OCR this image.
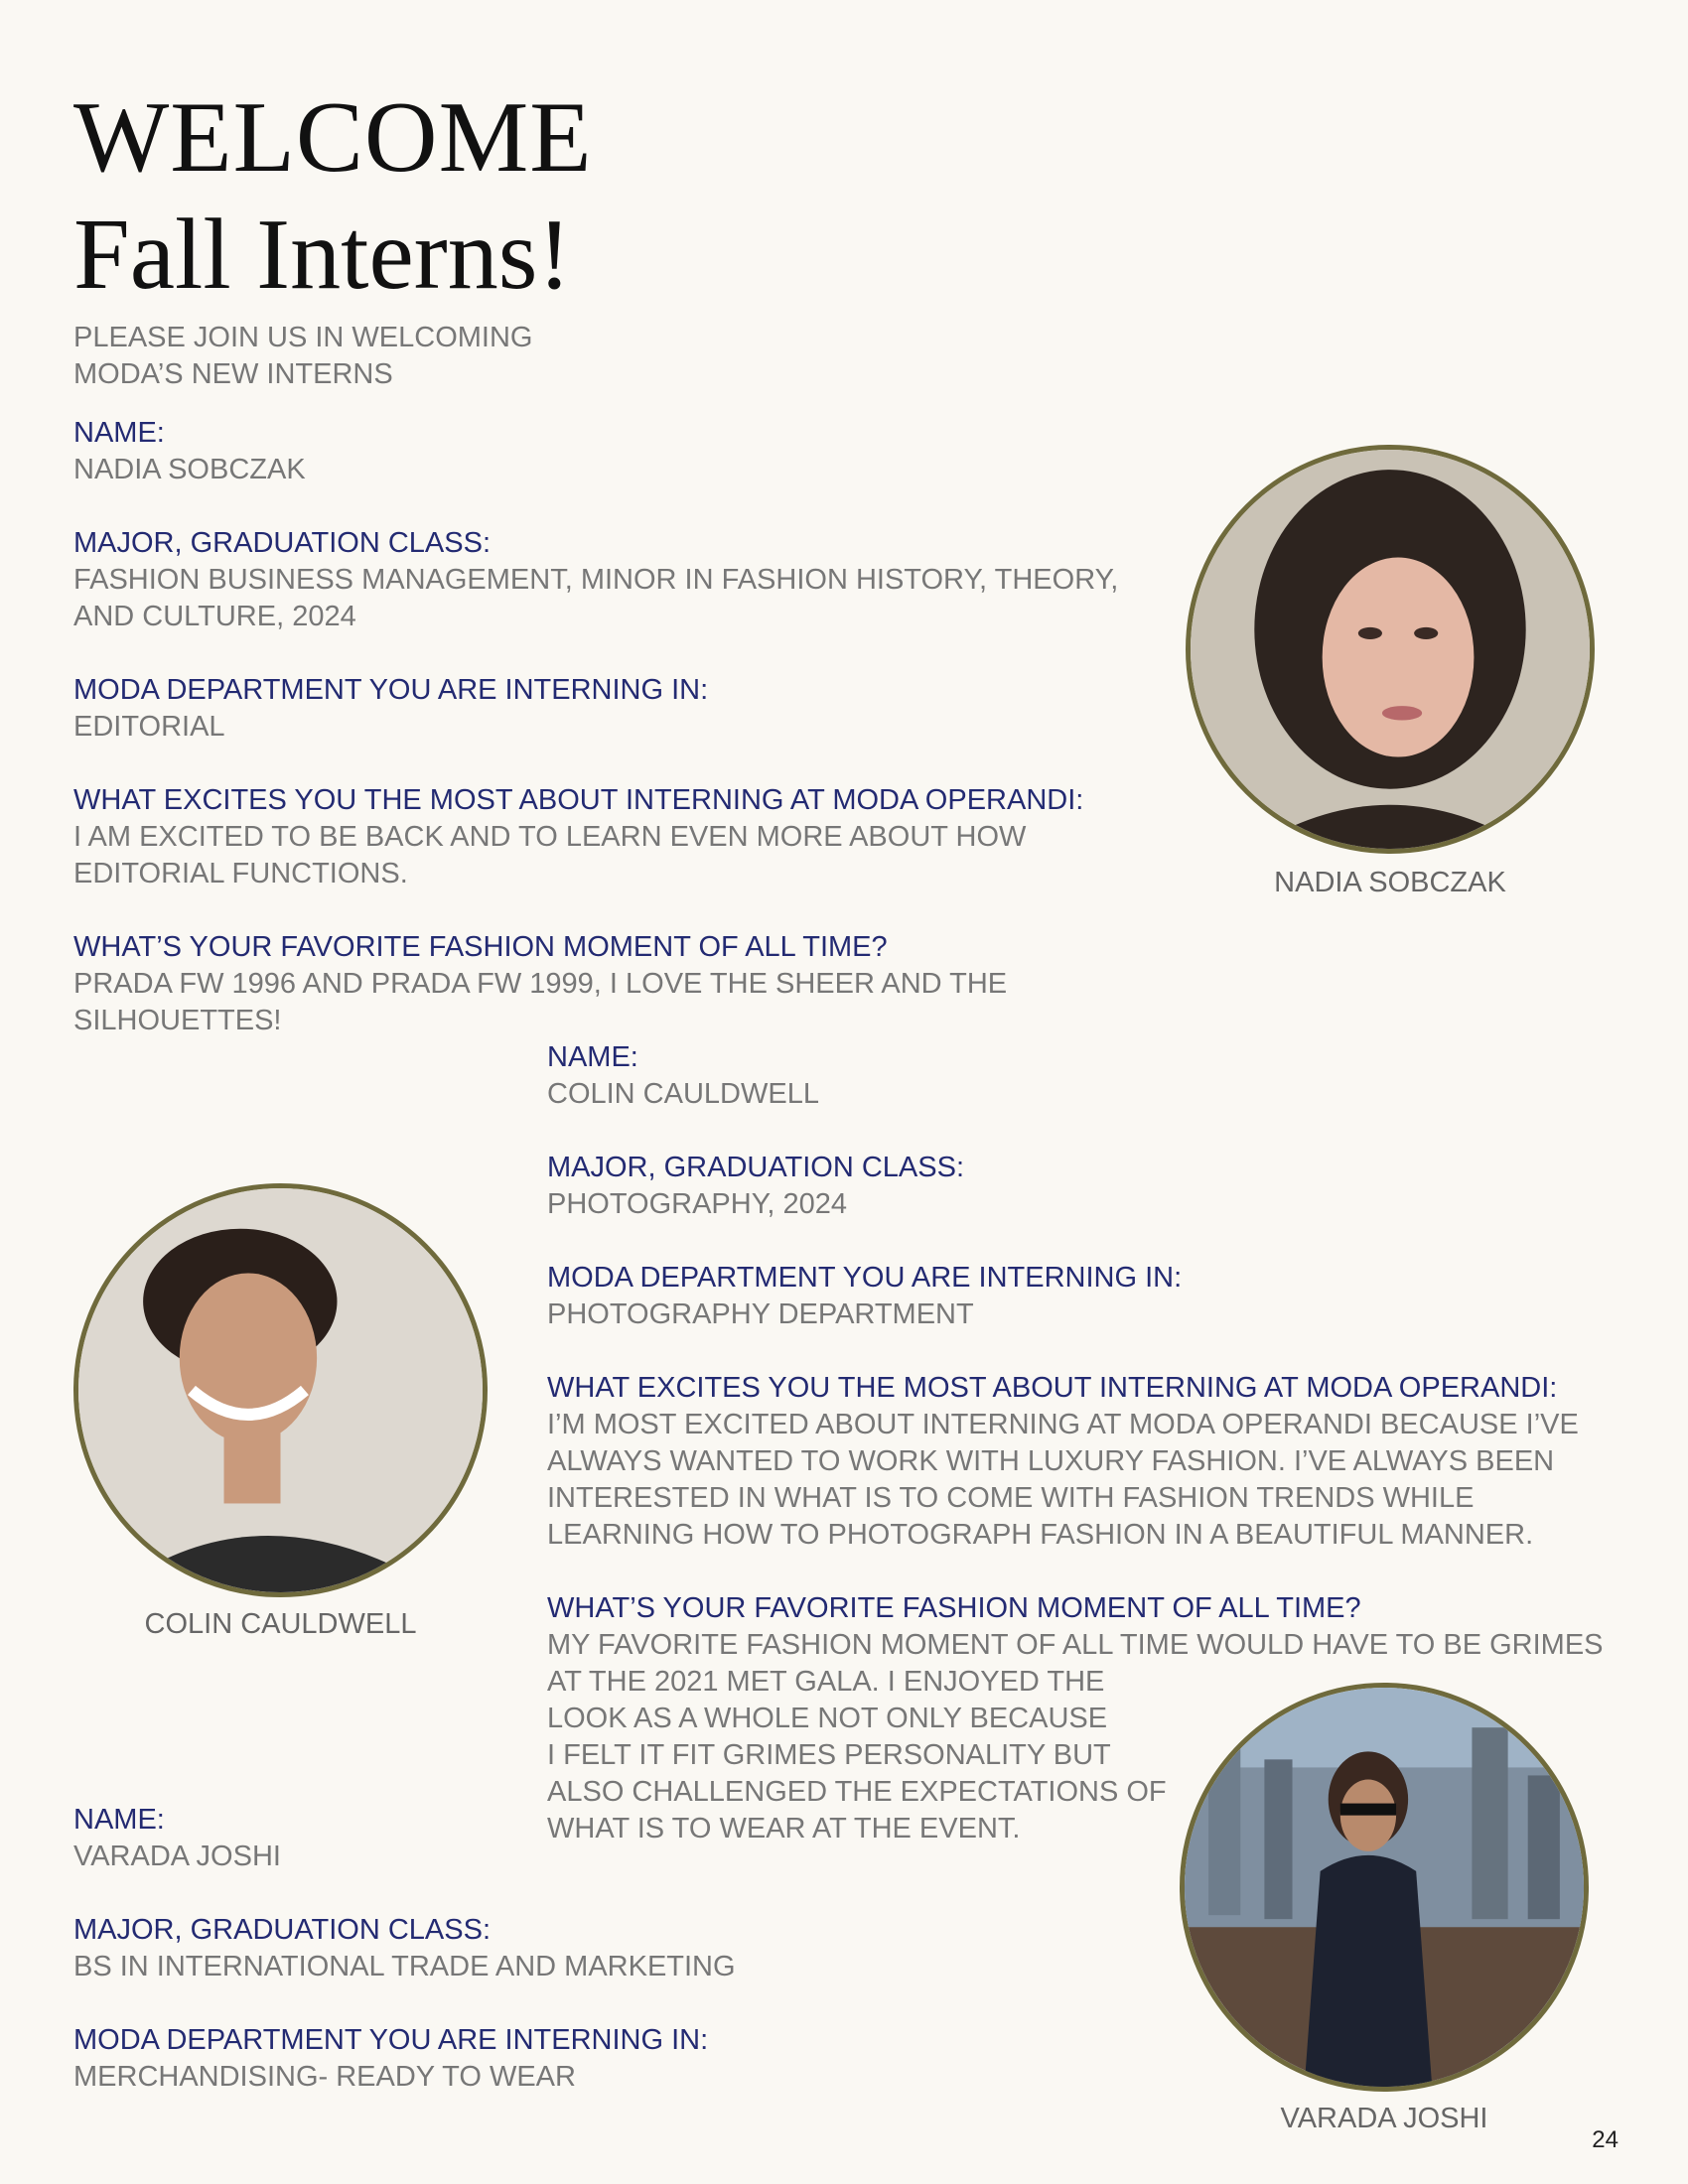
WELCOME
Fall Interns!
PLEASE JOIN US IN WELCOMING
MODA’S NEW INTERNS
NAME:
NADIA SOBCZAK
MAJOR, GRADUATION CLASS:
FASHION BUSINESS MANAGEMENT, MINOR IN FASHION HISTORY, THEORY,
AND CULTURE, 2024
MODA DEPARTMENT YOU ARE INTERNING IN:
EDITORIAL
WHAT EXCITES YOU THE MOST ABOUT INTERNING AT MODA OPERANDI:
I AM EXCITED TO BE BACK AND TO LEARN EVEN MORE ABOUT HOW
EDITORIAL FUNCTIONS.
WHAT’S YOUR FAVORITE FASHION MOMENT OF ALL TIME?
PRADA FW 1996 AND PRADA FW 1999, I LOVE THE SHEER AND THE
SILHOUETTES!
NADIA SOBCZAK
NAME:
COLIN CAULDWELL
MAJOR, GRADUATION CLASS:
PHOTOGRAPHY, 2024
MODA DEPARTMENT YOU ARE INTERNING IN:
PHOTOGRAPHY DEPARTMENT
WHAT EXCITES YOU THE MOST ABOUT INTERNING AT MODA OPERANDI:
I’M MOST EXCITED ABOUT INTERNING AT MODA OPERANDI BECAUSE I’VE
ALWAYS WANTED TO WORK WITH LUXURY FASHION. I’VE ALWAYS BEEN
INTERESTED IN WHAT IS TO COME WITH FASHION TRENDS WHILE
LEARNING HOW TO PHOTOGRAPH FASHION IN A BEAUTIFUL MANNER.
WHAT’S YOUR FAVORITE FASHION MOMENT OF ALL TIME?
MY FAVORITE FASHION MOMENT OF ALL TIME WOULD HAVE TO BE GRIMES
AT THE 2021 MET GALA. I ENJOYED THE
LOOK AS A WHOLE NOT ONLY BECAUSE
I FELT IT FIT GRIMES PERSONALITY BUT
ALSO CHALLENGED THE EXPECTATIONS OF
WHAT IS TO WEAR AT THE EVENT.
COLIN CAULDWELL
NAME:
VARADA JOSHI
MAJOR, GRADUATION CLASS:
BS IN INTERNATIONAL TRADE AND MARKETING
MODA DEPARTMENT YOU ARE INTERNING IN:
MERCHANDISING- READY TO WEAR
VARADA JOSHI
24
